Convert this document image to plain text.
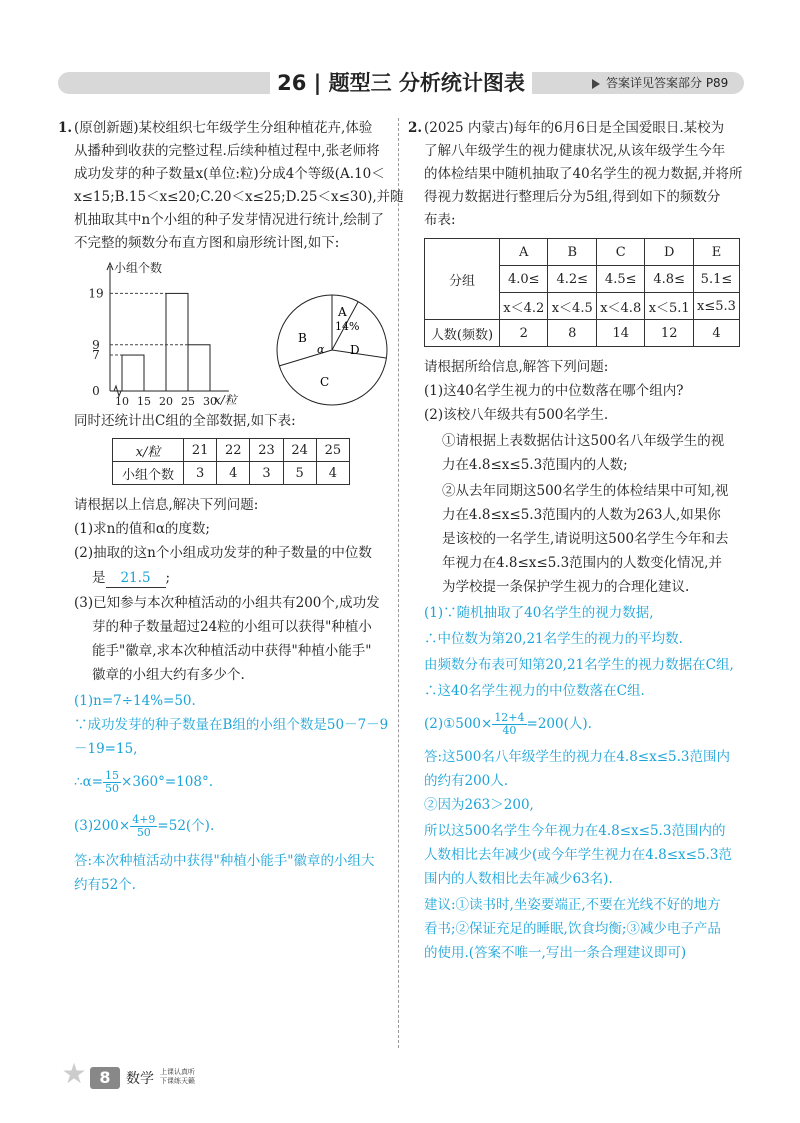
26 | 题型三 分析统计图表	答案详见答案部分 P89
1. (原创新题)某校组织七年级学生分组种植花卉,体验
从播种到收获的完整过程.后续种植过程中,张老师将
成功发芽的种子数量x(单位:粒)分成4个等级(A.10＜
x≤15;B.15＜x≤20;C.20＜x≤25;D.25＜x≤30),并随
机抽取其中n个小组的种子发芽情况进行统计,绘制了
不完整的频数分布直方图和扇形统计图,如下:
小组个数
x/粒
0
7
9
19
10 15 20 25 30
A
14%
B
α D
C
同时还统计出C组的全部数据,如下表:
x/粒	21	22	23	24	25
小组个数	3	4	3	5	4
请根据以上信息,解决下列问题:
(1)求n的值和α的度数;
(2)抽取的这n个小组成功发芽的种子数量的中位数
是 21.5 ;
(3)已知参与本次种植活动的小组共有200个,成功发
芽的种子数量超过24粒的小组可以获得"种植小
能手"徽章,求本次种植活动中获得"种植小能手"
徽章的小组大约有多少个.
(1)n=7÷14%=50.
∵成功发芽的种子数量在B组的小组个数是50－7－9
－19=15,
∴α= $\frac{15}{50} \times 360^\circ=108^\circ$.
$(3)200\times \frac{4+9}{50} =52$(个).
答:本次种植活动中获得"种植小能手"徽章的小组大
约有52个.
2. (2025 内蒙古)每年的6月6日是全国爱眼日.某校为
了解八年级学生的视力健康状况,从该年级学生今年
的体检结果中随机抽取了40名学生的视力数据,并将所
得视力数据进行整理后分为5组,得到如下的频数分
布表:
分组	A	B	C	D	E
	4.0≤	4.2≤	4.5≤	4.8≤	5.1≤
	x＜4.2	x＜4.5	x＜4.8	x＜5.1	x≤5.3
人数(频数)	2	8	14	12	4
请根据所给信息,解答下列问题:
(1)这40名学生视力的中位数落在哪个组内?
(2)该校八年级共有500名学生.
①请根据上表数据估计这500名八年级学生的视
力在4.8≤x≤5.3范围内的人数;
②从去年同期这500名学生的体检结果中可知,视
力在4.8≤x≤5.3范围内的人数为263人,如果你
是该校的一名学生,请说明这500名学生今年和去
年视力在4.8≤x≤5.3范围内的人数变化情况,并
为学校提一条保护学生视力的合理化建议.
(1)∵随机抽取了40名学生的视力数据,
∴中位数为第20,21名学生的视力的平均数.
由频数分布表可知第20,21名学生的视力数据在C组,
∴这40名学生视力的中位数落在C组.
(2)①500× $\frac{12+4}{40} =200$(人).
答:这500名八年级学生的视力在4.8≤x≤5.3范围内
的约有200人.
②因为263＞200,
所以这500名学生今年视力在4.8≤x≤5.3范围内的
人数相比去年减少(或今年学生视力在4.8≤x≤5.3范
围内的人数相比去年减少63名).
建议:①读书时,坐姿要端正,不要在光线不好的地方
看书;②保证充足的睡眠,饮食均衡;③减少电子产品
的使用.(答案不唯一,写出一条合理建议即可)
★ 8	数学 上课认真听
下课练天籁
